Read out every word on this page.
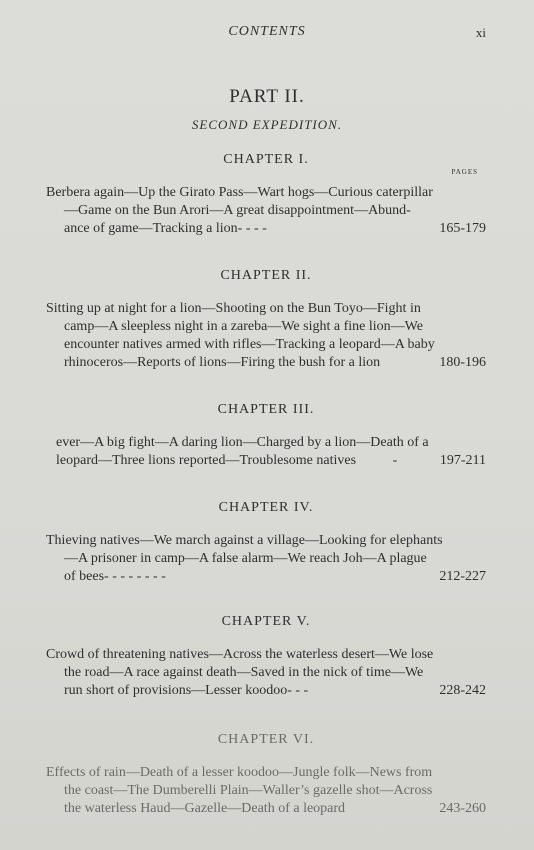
CONTENTS	xi
PART II.
SECOND EXPEDITION.
PAGES
CHAPTER I.
Berbera again—Up the Girato Pass—Wart hogs—Curious caterpillar
—Game on the Bun Arori—A great disappointment—Abund-
ance of game—Tracking a lion - - - -	165-179
CHAPTER II.
Sitting up at night for a lion—Shooting on the Bun Toyo—Fight in
camp—A sleepless night in a zareba—We sight a fine lion—We
encounter natives armed with rifles—Tracking a leopard—A baby
rhinoceros—Reports of lions—Firing the bush for a lion	180-196
CHAPTER III.
ever—A big fight—A daring lion—Charged by a lion—Death of a
leopard—Three lions reported—Troublesome natives	-	197-211
CHAPTER IV.
Thieving natives—We march against a village—Looking for elephants
—A prisoner in camp—A false alarm—We reach Joh—A plague
of bees - - - - - - - -	212-227
CHAPTER V.
Crowd of threatening natives—Across the waterless desert—We lose
the road—A race against death—Saved in the nick of time—We
run short of provisions—Lesser koodoo - - -	228-242
CHAPTER VI.
Effects of rain—Death of a lesser koodoo—Jungle folk—News from
the coast—The Dumberelli Plain—Waller’s gazelle shot—Across
the waterless Haud—Gazelle—Death of a leopard	243-260
